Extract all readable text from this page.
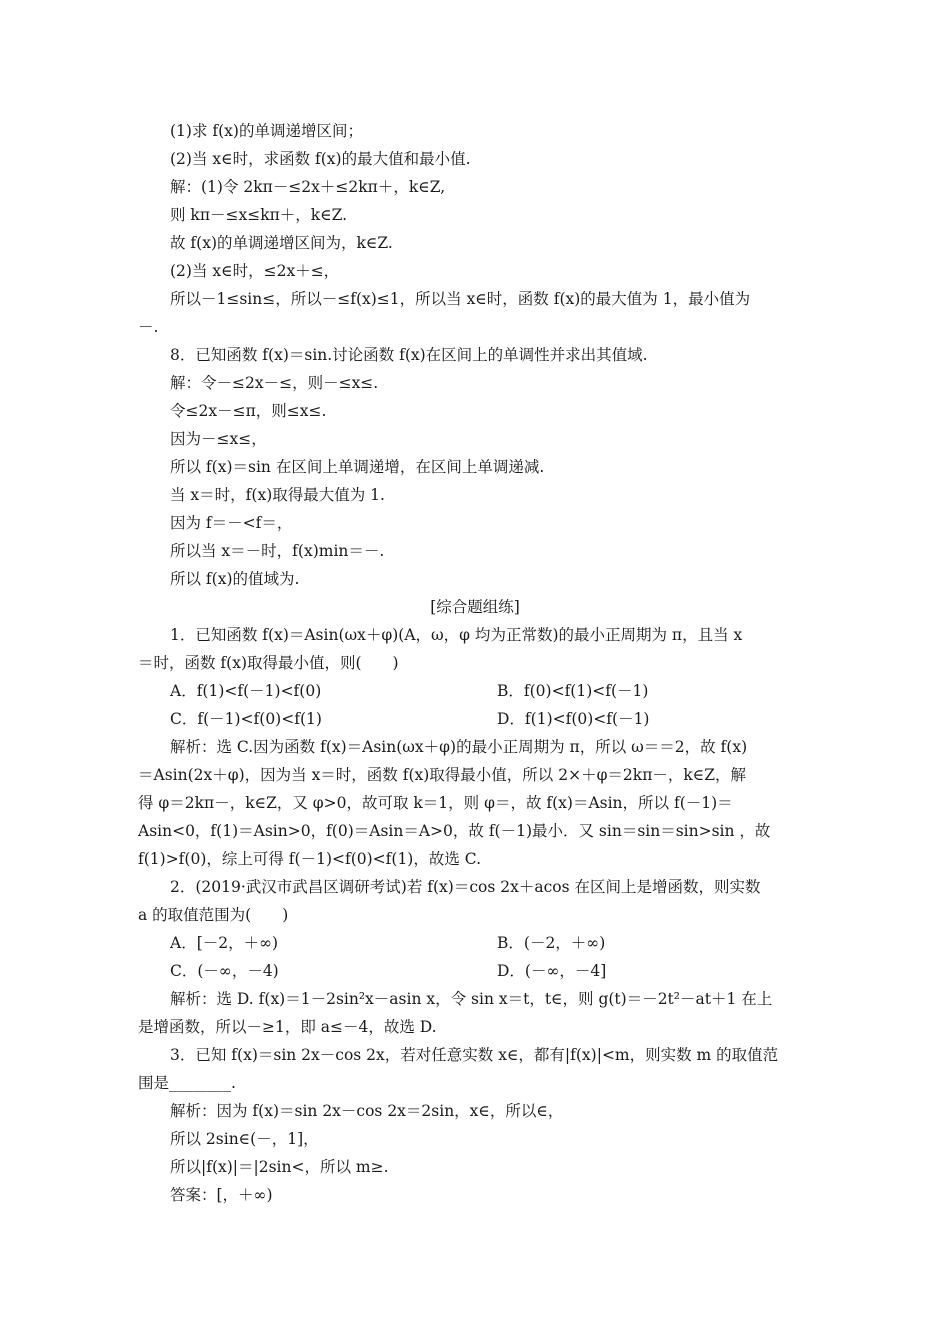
(1)求 f(x)的单调递增区间；
(2)当 x∈时，求函数 f(x)的最大值和最小值.
解：(1)令 2kπ－≤2x＋≤2kπ＋，k∈Z,
则 kπ－≤x≤kπ＋，k∈Z.
故 f(x)的单调递增区间为，k∈Z.
(2)当 x∈时，≤2x＋≤，
所以－1≤sin≤，所以－≤f(x)≤1，所以当 x∈时，函数 f(x)的最大值为 1，最小值为
－.
8．已知函数 f(x)＝sin.讨论函数 f(x)在区间上的单调性并求出其值域.
解：令－≤2x－≤，则－≤x≤.
令≤2x－≤π，则≤x≤.
因为－≤x≤，
所以 f(x)＝sin 在区间上单调递增，在区间上单调递减.
当 x＝时，f(x)取得最大值为 1.
因为 f＝－<f＝，
所以当 x＝－时，f(x)min＝－.
所以 f(x)的值域为.
[综合题组练]
1．已知函数 f(x)＝Asin(ωx＋φ)(A，ω，φ 均为正常数)的最小正周期为 π，且当 x
＝时，函数 f(x)取得最小值，则(　　)
A．f(1)<f(－1)<f(0)	B．f(0)<f(1)<f(－1)
C．f(－1)<f(0)<f(1)	D．f(1)<f(0)<f(－1)
解析：选 C.因为函数 f(x)＝Asin(ωx＋φ)的最小正周期为 π，所以 ω＝＝2，故 f(x)
＝Asin(2x＋φ)，因为当 x＝时，函数 f(x)取得最小值，所以 2×＋φ＝2kπ－，k∈Z，解
得 φ＝2kπ－，k∈Z，又 φ>0，故可取 k＝1，则 φ＝，故 f(x)＝Asin，所以 f(－1)＝
Asin<0，f(1)＝Asin>0，f(0)＝Asin＝A>0，故 f(－1)最小．又 sin＝sin＝sin>sin ，故
f(1)>f(0)，综上可得 f(－1)<f(0)<f(1)，故选 C.
2．(2019·武汉市武昌区调研考试)若 f(x)＝cos 2x＋acos 在区间上是增函数，则实数
a 的取值范围为(　　)
A．[－2，＋∞)	B．(－2，＋∞)
C．(－∞，－4)	D．(－∞，－4]
解析：选 D. f(x)＝1－2sin²x－asin x，令 sin x＝t，t∈，则 g(t)＝－2t²－at＋1 在上
是增函数，所以－≥1，即 a≤－4，故选 D.
3．已知 f(x)＝sin 2x－cos 2x，若对任意实数 x∈，都有|f(x)|<m，则实数 m 的取值范
围是________.
解析：因为 f(x)＝sin 2x－cos 2x＝2sin，x∈，所以∈，
所以 2sin∈(－，1]，
所以|f(x)|＝|2sin<，所以 m≥.
答案：[，＋∞)
